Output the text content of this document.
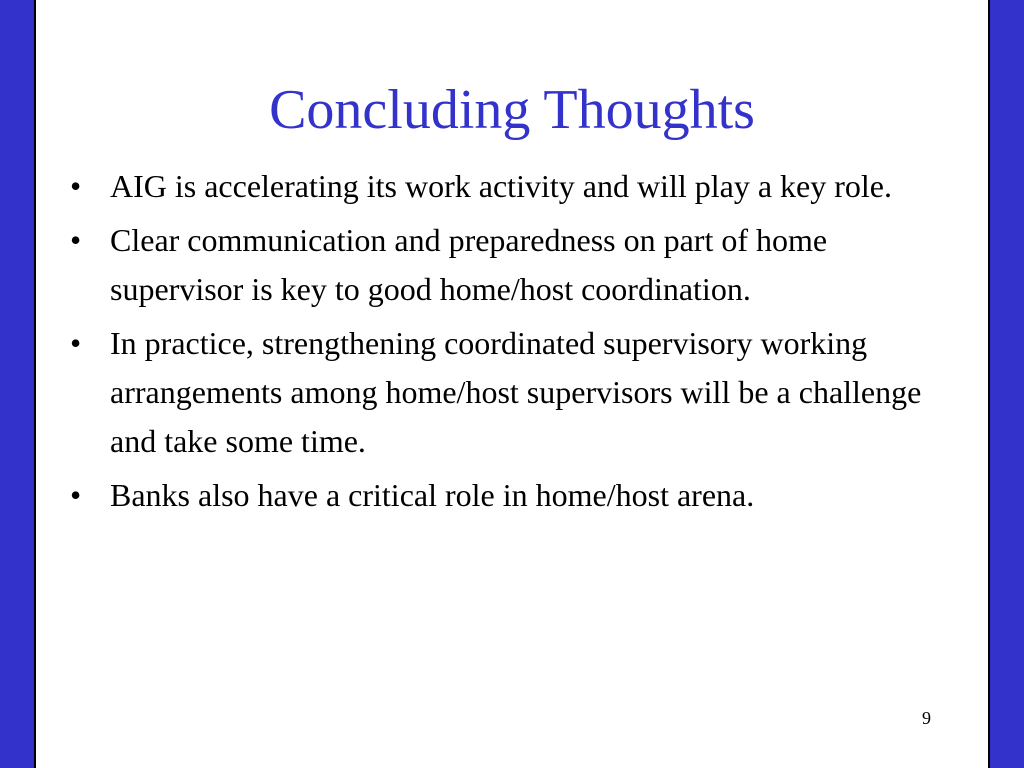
Concluding Thoughts
• AIG is accelerating its work activity and will play a key role.
• Clear communication and preparedness on part of home supervisor is key to good home/host coordination.
• In practice, strengthening coordinated supervisory working arrangements among home/host supervisors will be a challenge and take some time.
• Banks also have a critical role in home/host arena.
9
